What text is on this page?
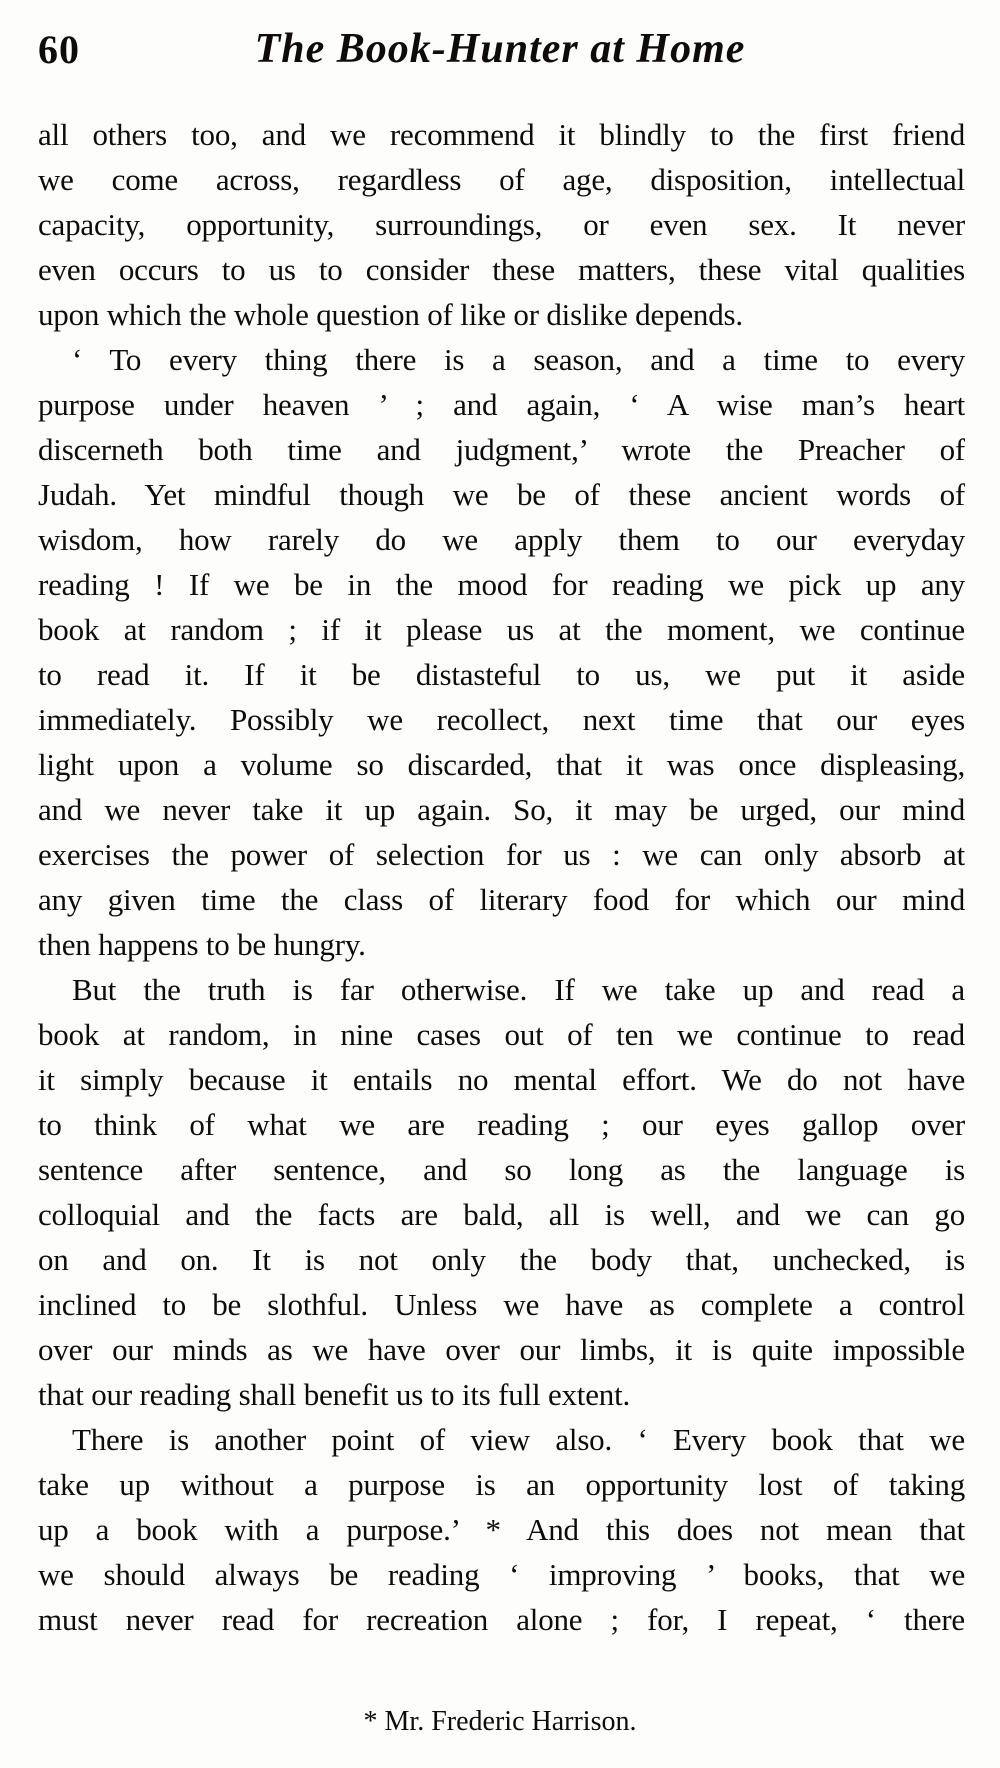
60	The Book-Hunter at Home
all others too, and we recommend it blindly to the first friend
we come across, regardless of age, disposition, intellectual
capacity, opportunity, surroundings, or even sex. It never
even occurs to us to consider these matters, these vital qualities
upon which the whole question of like or dislike depends.
‘ To every thing there is a season, and a time to every
purpose under heaven ’ ; and again, ‘ A wise man’s heart
discerneth both time and judgment,’ wrote the Preacher of
Judah. Yet mindful though we be of these ancient words of
wisdom, how rarely do we apply them to our everyday
reading ! If we be in the mood for reading we pick up any
book at random ; if it please us at the moment, we continue
to read it. If it be distasteful to us, we put it aside
immediately. Possibly we recollect, next time that our eyes
light upon a volume so discarded, that it was once displeasing,
and we never take it up again. So, it may be urged, our mind
exercises the power of selection for us : we can only absorb at
any given time the class of literary food for which our mind
then happens to be hungry.
But the truth is far otherwise. If we take up and read a
book at random, in nine cases out of ten we continue to read
it simply because it entails no mental effort. We do not have
to think of what we are reading ; our eyes gallop over
sentence after sentence, and so long as the language is
colloquial and the facts are bald, all is well, and we can go
on and on. It is not only the body that, unchecked, is
inclined to be slothful. Unless we have as complete a control
over our minds as we have over our limbs, it is quite impossible
that our reading shall benefit us to its full extent.
There is another point of view also. ‘ Every book that we
take up without a purpose is an opportunity lost of taking
up a book with a purpose.’ * And this does not mean that
we should always be reading ‘ improving ’ books, that we
must never read for recreation alone ; for, I repeat, ‘ there
* Mr. Frederic Harrison.
